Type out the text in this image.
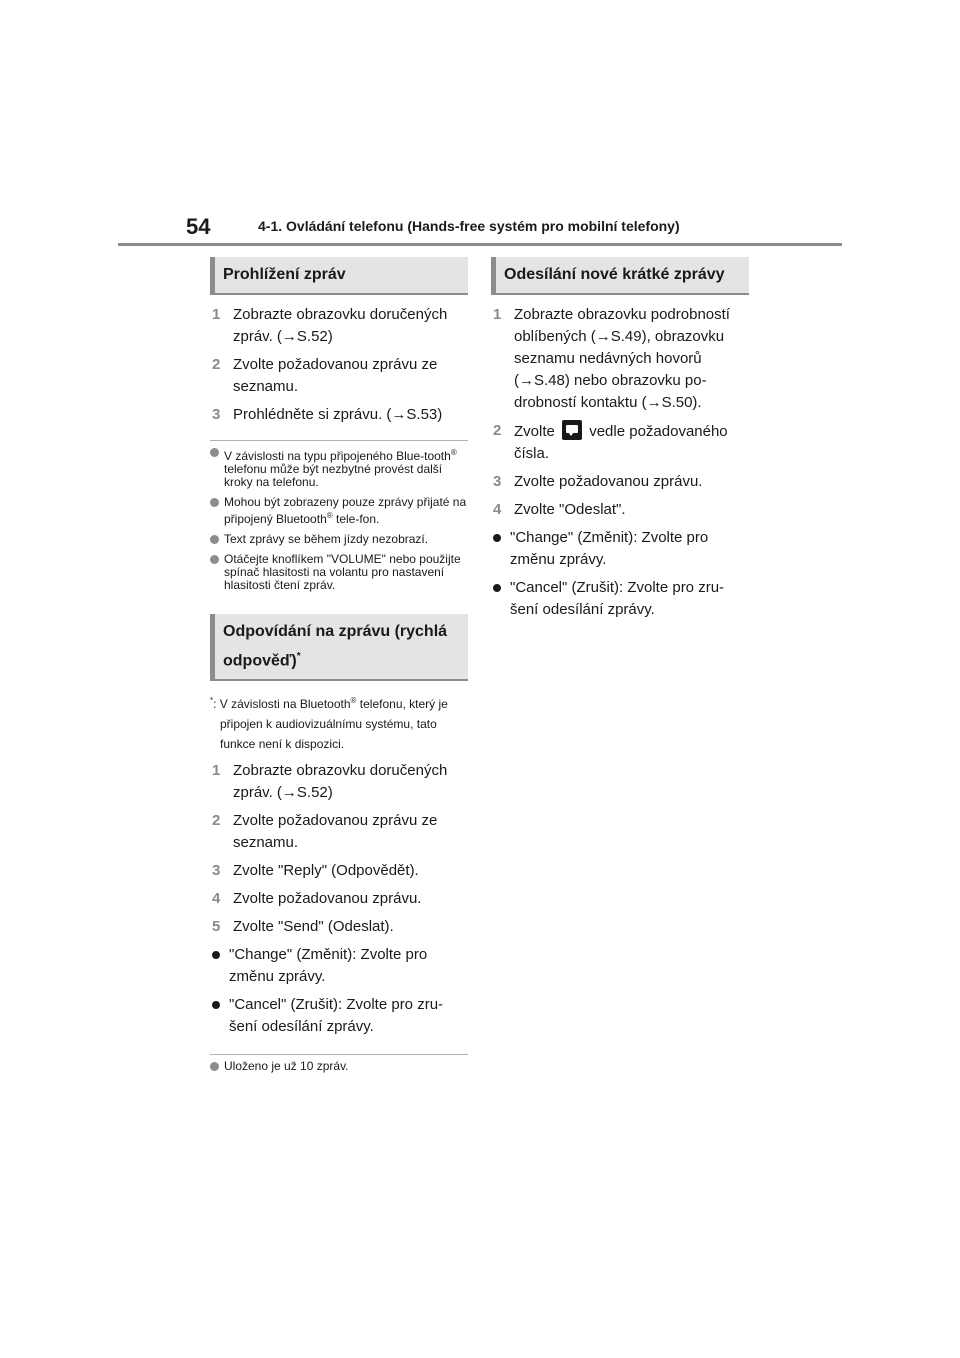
54	4-1. Ovládání telefonu (Hands-free systém pro mobilní telefony)
Prohlížení zpráv
1 Zobrazte obrazovku doručených zpráv. (→S.52)
2 Zvolte požadovanou zprávu ze seznamu.
3 Prohlédněte si zprávu. (→S.53)
V závislosti na typu připojeného Blue-tooth® telefonu může být nezbytné provést další kroky na telefonu.
Mohou být zobrazeny pouze zprávy přijaté na připojený Bluetooth® tele-fon.
Text zprávy se během jízdy nezobrazí.
Otáčejte knoflíkem "VOLUME" nebo použijte spínač hlasitosti na volantu pro nastavení hlasitosti čtení zpráv.
Odpovídání na zprávu (rychlá odpověď)*
*: V závislosti na Bluetooth® telefonu, který je připojen k audiovizuálnímu systému, tato funkce není k dispozici.
1 Zobrazte obrazovku doručených zpráv. (→S.52)
2 Zvolte požadovanou zprávu ze seznamu.
3 Zvolte "Reply" (Odpovědět).
4 Zvolte požadovanou zprávu.
5 Zvolte "Send" (Odeslat).
"Change" (Změnit): Zvolte pro změnu zprávy.
"Cancel" (Zrušit): Zvolte pro zru-šení odesílání zprávy.
Uloženo je už 10 zpráv.
Odesílání nové krátké zprávy
1 Zobrazte obrazovku podrobností oblíbených (→S.49), obrazovku seznamu nedávných hovorů (→S.48) nebo obrazovku po-drobností kontaktu (→S.50).
2 Zvolte vedle požadovaného čísla.
3 Zvolte požadovanou zprávu.
4 Zvolte "Odeslat".
"Change" (Změnit): Zvolte pro změnu zprávy.
"Cancel" (Zrušit): Zvolte pro zru-šení odesílání zprávy.
